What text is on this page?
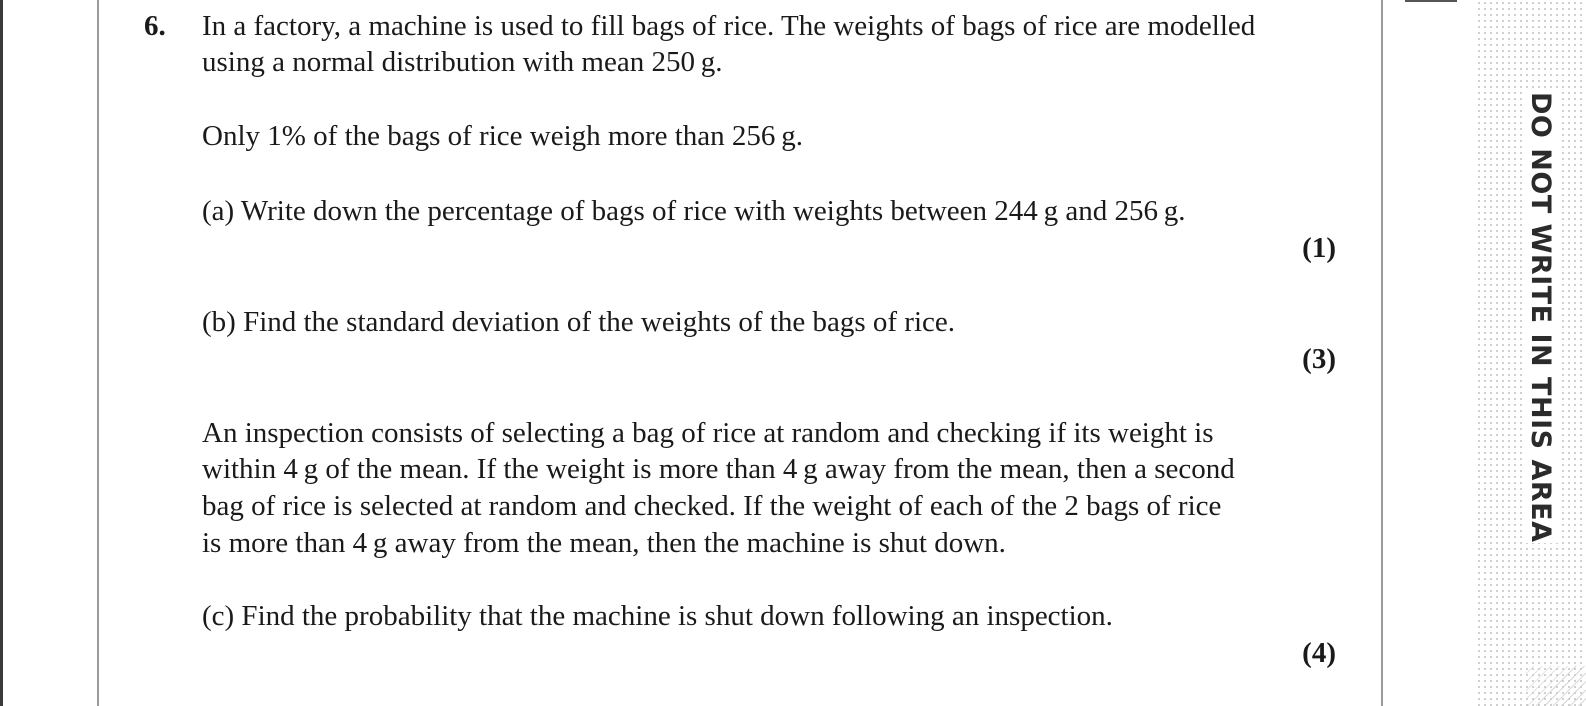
DO NOT WRITE IN THIS AREA
6. In a factory, a machine is used to fill bags of rice. The weights of bags of rice are modelled
using a normal distribution with mean 250 g.
Only 1% of the bags of rice weigh more than 256 g.
(a) Write down the percentage of bags of rice with weights between 244 g and 256 g.
(1)
(b) Find the standard deviation of the weights of the bags of rice.
(3)
An inspection consists of selecting a bag of rice at random and checking if its weight is
within 4 g of the mean. If the weight is more than 4 g away from the mean, then a second
bag of rice is selected at random and checked. If the weight of each of the 2 bags of rice
is more than 4 g away from the mean, then the machine is shut down.
(c) Find the probability that the machine is shut down following an inspection.
(4)
